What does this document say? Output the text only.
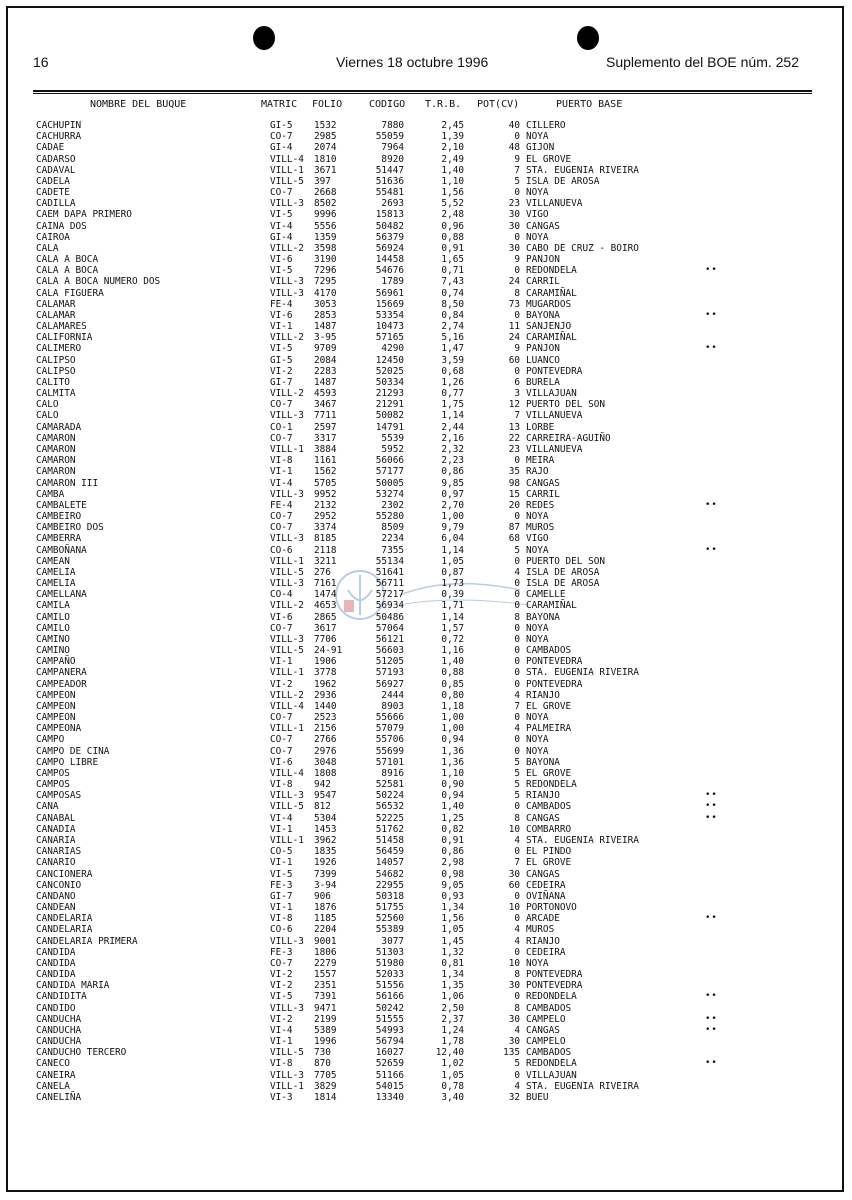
16	Viernes 18 octubre 1996	Suplemento del BOE núm. 252
NOMBRE DEL BUQUE	MATRIC FOLIO	CODIGO T.R.B. POT(CV)	PUERTO BASE
CACHUPIN	GI-5 1532	7880	2,45	40 CILLERO
CACHURRA	CO-7 2985	55059	1,39	0 NOYA
CADAE	GI-4 2074	7964	2,10	48 GIJON
CADARSO	VILL-4 1810	8920	2,49	9 EL GROVE
CADAVAL	VILL-1 3671	51447	1,40	7 STA. EUGENIA RIVEIRA
CADELA	VILL-5 397	51636	1,10	5 ISLA DE AROSA
CADETE	CO-7 2668	55481	1,56	0 NOYA
CADILLA	VILL-3 8502	2693	5,52	23 VILLANUEVA
CAEM DAPA PRIMERO	VI-5 9996	15813	2,48	30 VIGO
CAINA DOS	VI-4 5556	50482	0,96	30 CANGAS
CAIROA	GI-4 1359	56379	0,88	0 NOYA
CALA	VILL-2 3598	56924	0,91	30 CABO DE CRUZ - BOIRO
CALA A BOCA	VI-6 3190	14458	1,65	9 PANJON
CALA A BOCA	VI-5 7296	54676	0,71	0 REDONDELA	••
CALA A BOCA NUMERO DOS	VILL-3 7295	1789	7,43	24 CARRIL
CALA FIGUERA	VILL-3 4170	56961	0,74	8 CARAMIÑAL
CALAMAR	FE-4 3053	15669	8,50	73 MUGARDOS
CALAMAR	VI-6 2853	53354	0,84	0 BAYONA	••
CALAMARES	VI-1 1487	10473	2,74	11 SANJENJO
CALIFORNIA	VILL-2 3-95	57165	5,16	24 CARAMIÑAL
CALIMERO	VI-5 9709	4290	1,47	9 PANJON	••
CALIPSO	GI-5 2084	12450	3,59	60 LUANCO
CALIPSO	VI-2 2283	52025	0,68	0 PONTEVEDRA
CALITO	GI-7 1487	50334	1,26	6 BURELA
CALMITA	VILL-2 4593	21293	0,77	3 VILLAJUAN
CALO	CO-7 3467	21291	1,75	12 PUERTO DEL SON
CALO	VILL-3 7711	50082	1,14	7 VILLANUEVA
CAMARADA	CO-1 2597	14791	2,44	13 LORBE
CAMARON	CO-7 3317	5539	2,16	22 CARREIRA-AGUIÑO
CAMARON	VILL-1 3884	5952	2,32	23 VILLANUEVA
CAMARON	VI-8 1161	56066	2,23	0 MEIRA
CAMARON	VI-1 1562	57177	0,86	35 RAJO
CAMARON III	VI-4 5705	50005	9,85	98 CANGAS
CAMBA	VILL-3 9952	53274	0,97	15 CARRIL
CAMBALETE	FE-4 2132	2302	2,70	20 REDES	••
CAMBEIRO	CO-7 2952	55280	1,00	0 NOYA
CAMBEIRO DOS	CO-7 3374	8509	9,79	87 MUROS
CAMBERRA	VILL-3 8185	2234	6,04	68 VIGO
CAMBOÑANA	CO-6 2118	7355	1,14	5 NOYA	••
CAMEAN	VILL-1 3211	55134	1,05	0 PUERTO DEL SON
CAMELIA	VILL-5 276	51641	0,87	4 ISLA DE AROSA
CAMELIA	VILL-3 7161	56711	1,73	0 ISLA DE AROSA
CAMELLANA	CO-4 1474	57217	0,39	0 CAMELLE
CAMILA	VILL-2 4653	56934	1,71	0 CARAMIÑAL
CAMILO	VI-6 2865	50486	1,14	8 BAYONA
CAMILO	CO-7 3617	57064	1,57	0 NOYA
CAMINO	VILL-3 7706	56121	0,72	0 NOYA
CAMINO	VILL-5 24-91	56603	1,16	0 CAMBADOS
CAMPAÑO	VI-1 1906	51205	1,40	0 PONTEVEDRA
CAMPANERA	VILL-1 3778	57193	0,88	0 STA. EUGENIA RIVEIRA
CAMPEADOR	VI-2 1962	56927	0,85	0 PONTEVEDRA
CAMPEON	VILL-2 2936	2444	0,80	4 RIANJO
CAMPEON	VILL-4 1440	8903	1,18	7 EL GROVE
CAMPEON	CO-7 2523	55666	1,00	0 NOYA
CAMPEONA	VILL-1 2156	57079	1,00	4 PALMEIRA
CAMPO	CO-7 2766	55706	0,94	0 NOYA
CAMPO DE CINA	CO-7 2976	55699	1,36	0 NOYA
CAMPO LIBRE	VI-6 3048	57101	1,36	5 BAYONA
CAMPOS	VILL-4 1808	8916	1,10	5 EL GROVE
CAMPOS	VI-8 942	52581	0,90	5 REDONDELA
CAMPOSAS	VILL-3 9547	50224	0,94	5 RIANJO	••
CANA	VILL-5 812	56532	1,40	0 CAMBADOS	••
CANABAL	VI-4 5304	52225	1,25	8 CANGAS	••
CANADIA	VI-1 1453	51762	0,82	10 COMBARRO
CANARIA	VILL-1 3962	51458	0,91	4 STA. EUGENIA RIVEIRA
CANARIAS	CO-5 1835	56459	0,86	0 EL PINDO
CANARIO	VI-1 1926	14057	2,98	7 EL GROVE
CANCIONERA	VI-5 7399	54682	0,98	30 CANGAS
CANCONIO	FE-3 3-94	22955	9,05	60 CEDEIRA
CANDANO	GI-7 906	50318	0,93	0 OVIÑANA
CANDEAN	VI-1 1876	51755	1,34	10 PORTONOVO
CANDELARIA	VI-8 1185	52560	1,56	0 ARCADE	••
CANDELARIA	CO-6 2204	55389	1,05	4 MUROS
CANDELARIA PRIMERA	VILL-3 9001	3077	1,45	4 RIANJO
CANDIDA	FE-3 1806	51303	1,32	0 CEDEIRA
CANDIDA	CO-7 2279	51980	0,81	10 NOYA
CANDIDA	VI-2 1557	52033	1,34	8 PONTEVEDRA
CANDIDA MARIA	VI-2 2351	51556	1,35	30 PONTEVEDRA
CANDIDITA	VI-5 7391	56166	1,06	0 REDONDELA	••
CANDIDO	VILL-3 9471	50242	2,50	8 CAMBADOS
CANDUCHA	VI-2 2199	51555	2,37	30 CAMPELO	••
CANDUCHA	VI-4 5389	54993	1,24	4 CANGAS	••
CANDUCHA	VI-1 1996	56794	1,78	30 CAMPELO
CANDUCHO TERCERO	VILL-5 730	16027	12,40	135 CAMBADOS
CANECO	VI-8 870	52659	1,02	5 REDONDELA	••
CANEIRA	VILL-3 7705	51166	1,05	0 VILLAJUAN
CANELA	VILL-1 3829	54015	0,78	4 STA. EUGENIA RIVEIRA
CANELIÑA	VI-3 1814	13340	3,40	32 BUEU
